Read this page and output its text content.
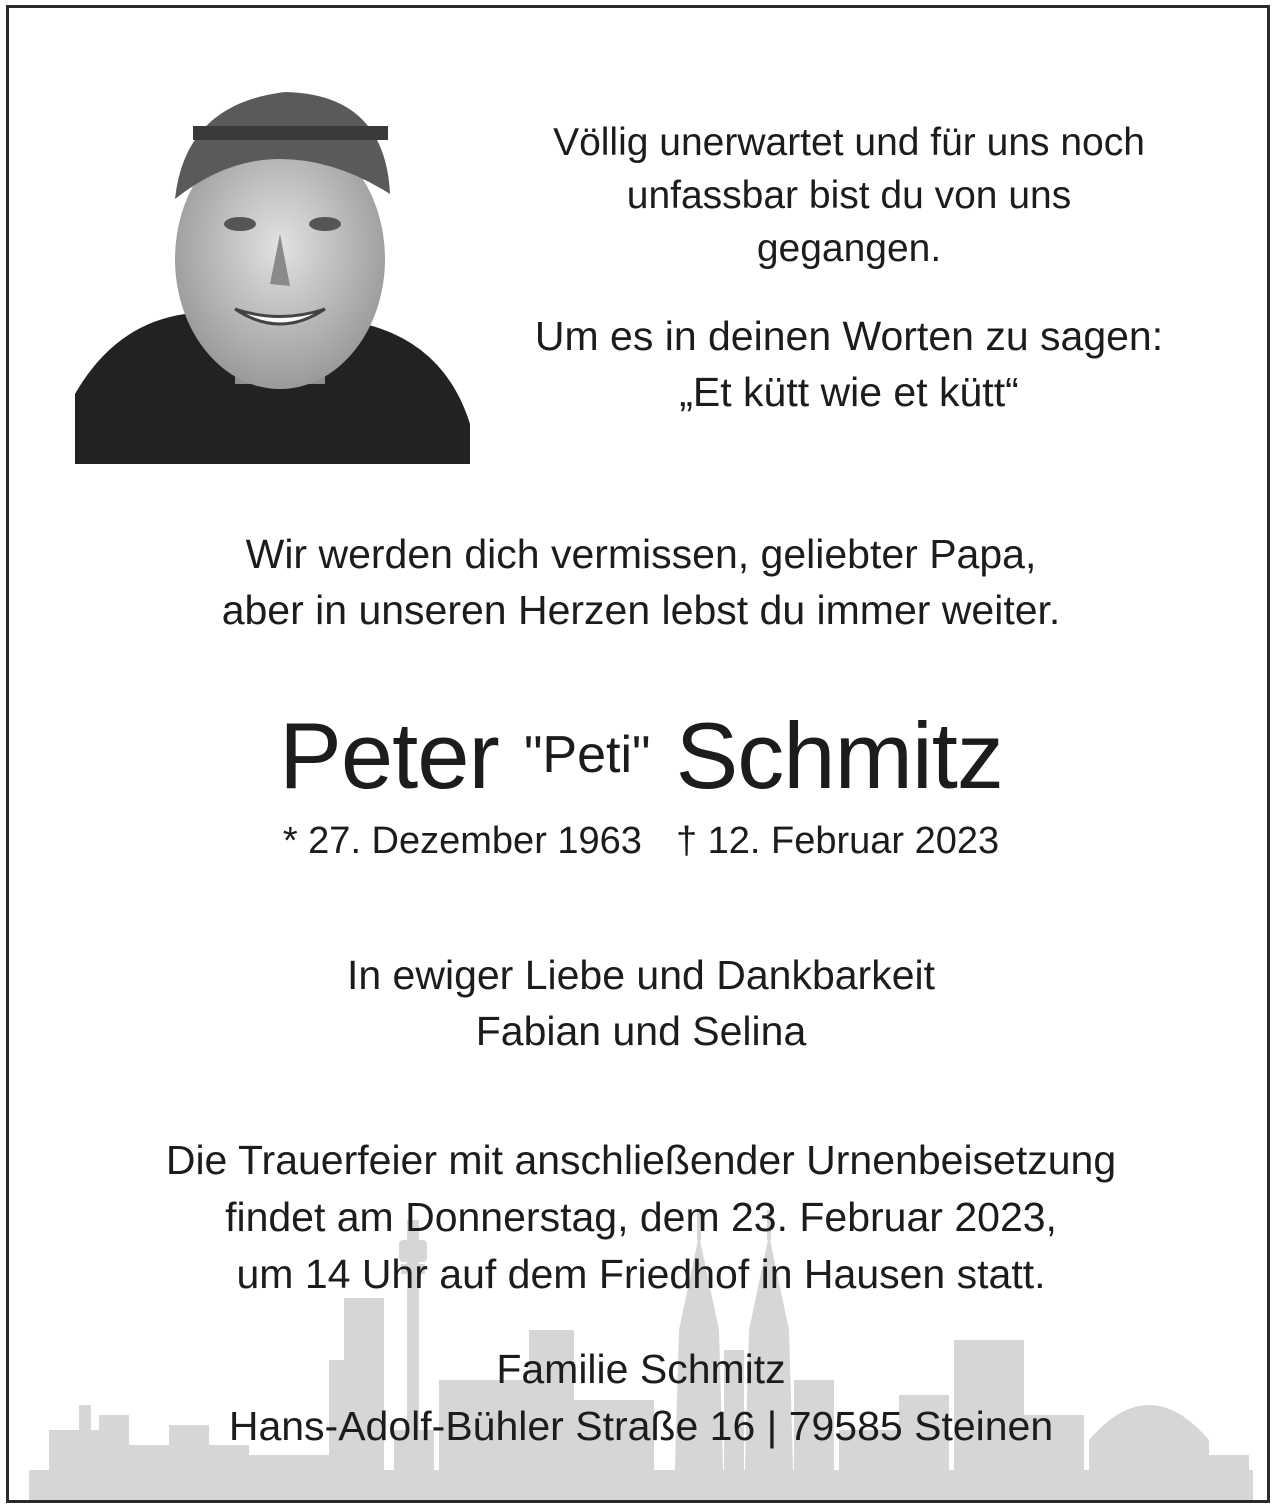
Völlig unerwartet und für uns noch
unfassbar bist du von uns
gegangen.

Um es in deinen Worten zu sagen:
„Et kütt wie et kütt“

Wir werden dich vermissen, geliebter Papa,
aber in unseren Herzen lebst du immer weiter.

Peter "Peti" Schmitz

* 27. Dezember 1963 † 12. Februar 2023

In ewiger Liebe und Dankbarkeit
Fabian und Selina

Die Trauerfeier mit anschließender Urnenbeisetzung
findet am Donnerstag, dem 23. Februar 2023,
um 14 Uhr auf dem Friedhof in Hausen statt.

Familie Schmitz
Hans-Adolf-Bühler Straße 16 | 79585 Steinen
